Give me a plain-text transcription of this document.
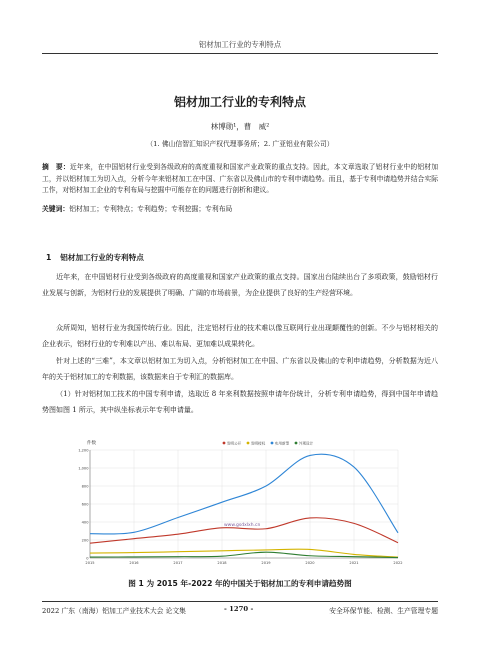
铝材加工行业的专利特点
铝材加工行业的专利特点
林博勋¹，曹　威²
（1. 佛山信智汇知识产权代理事务所；2. 广亚铝业有限公司）
摘　要：近年来，在中国铝材行业受到各级政府的高度重视和国家产业政策的重点支持。因此，本文章选取了铝材行业中的铝材加工，并以铝材加工为切入点，分析今年来铝材加工在中国、广东省以及佛山市的专利申请趋势。而且，基于专利申请趋势并结合实际工作，对铝材加工企业的专利布局与挖掘中可能存在的问题进行剖析和建议。
关键词：铝材加工；专利特点；专利趋势；专利挖掘；专利布局
1 铝材加工行业的专利特点
近年来，在中国铝材行业受到各级政府的高度重视和国家产业政策的重点支持。国家出台陆续出台了多项政策，鼓励铝材行业发展与创新，为铝材行业的发展提供了明确、广阔的市场前景，为企业提供了良好的生产经营环境。
众所周知，铝材行业为我国传统行业。因此，注定铝材行业的技术难以像互联网行业出现颠覆性的创新。不少与铝材相关的企业表示，铝材行业的专利难以产出、难以布局、更加难以成果转化。
针对上述的“三难”，本文章以铝材加工为切入点，分析铝材加工在中国、广东省以及佛山的专利申请趋势，分析数据为近八年的关于铝材加工的专利数据，该数据来自于专利汇的数据库。
（1）针对铝材加工技术的中国专利申请，选取近 8 年来利数据按照申请年份统计，分析专利申请趋势，得到中国年申请趋势图如图 1 所示，其中纵坐标表示年专利申请量。
件数
www.gsdxlxh.cn
0
200
400
600
800
1,000
1,200
2015	2016	2017	2018	2019	2020	2021	2022
发明公开	发明授权	实用新型	外观设计
图 1 为 2015 年-2022 年的中国关于铝材加工的专利申请趋势图
2022 广东（南海）铝加工产业技术大会 论文集	- 1270 -	安全环保节能、检测、生产管理专题
